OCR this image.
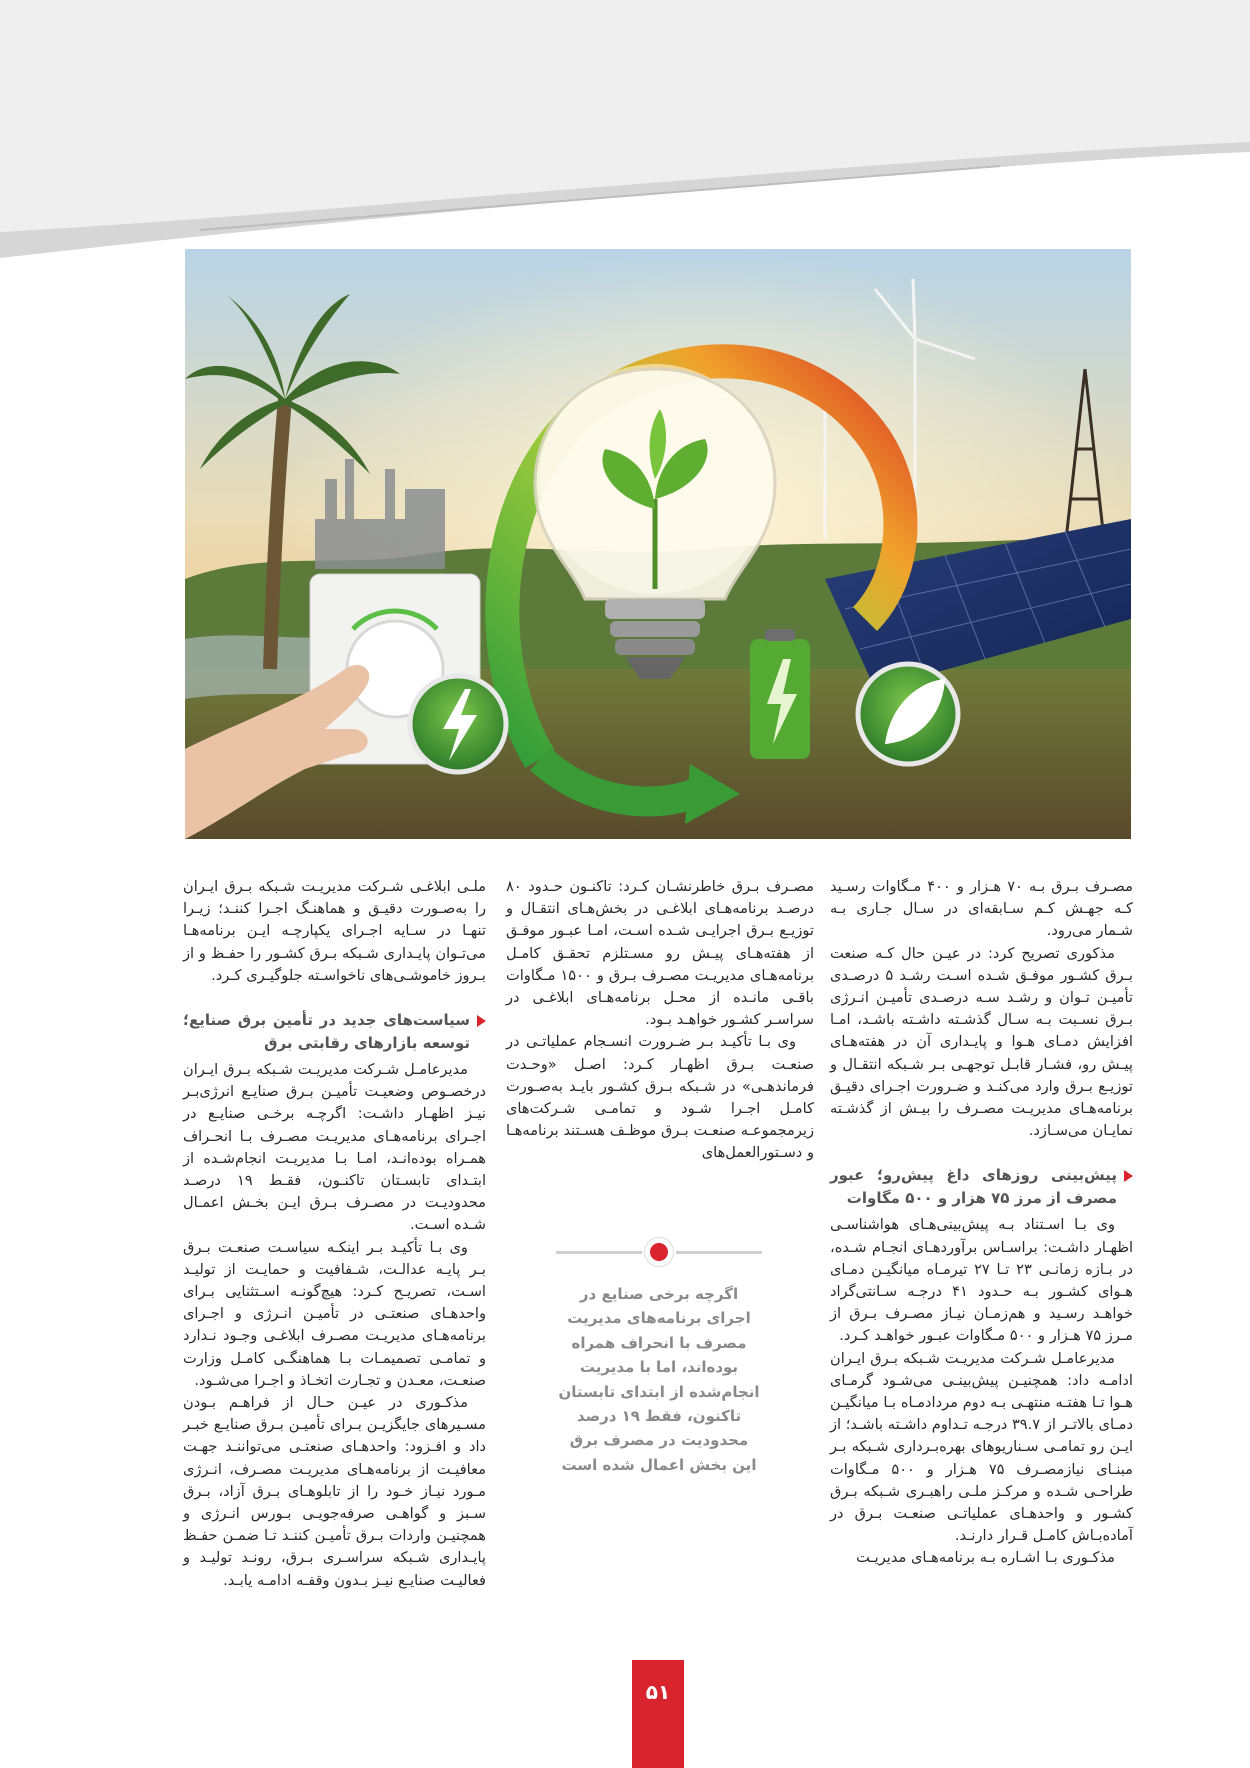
مصـرف بـرق بـه ۷۰ هـزار و ۴۰۰ مـگاوات رسـید کـه جهـش کـم سـابقه‌ای در سـال جـاری بـه شـمار می‌رود.

مذکوری تصریح کرد: در عیـن حال کـه صنعت بـرق کشـور موفـق شـده اسـت رشـد ۵ درصـدی تأمیـن تـوان و رشـد سـه درصـدی تأمیـن انـرژی بـرق نسـبت بـه سـال گذشـته داشـته باشـد، امـا افزایش دمـای هـوا و پایـداری آن در هفته‌هـای پیـش رو، فشـار قابـل توجهـی بـر شـبکه انتقـال و توزیـع بـرق وارد می‌کنـد و ضـرورت اجـرای دقیـق برنامه‌هـای مدیریـت مصـرف را بیـش از گذشـته نمایـان می‌سـازد.

پیش‌بینی روزهای داغ پیش‌رو؛ عبور مصرف از مرز ۷۵ هزار و ۵۰۰ مگاوات

وی بـا اسـتناد بـه پیش‌بینی‌هـای هواشناسـی اظهـار داشـت: براسـاس برآوردهـای انجـام شـده، در بـازه زمانـی ۲۳ تـا ۲۷ تیرمـاه میانگیـن دمـای هـوای کشـور بـه حـدود ۴۱ درجـه سـانتی‌گراد خواهـد رسـید و هم‌زمـان نیـاز مصـرف بـرق از مـرز ۷۵ هـزار و ۵۰۰ مـگاوات عبـور خواهـد کـرد.

مدیرعامـل شـرکت مدیریـت شـبکه بـرق ایـران ادامـه داد: همچنیـن پیش‌بینـی می‌شـود گرمـای هـوا تـا هفتـه منتهـی بـه دوم مردادمـاه بـا میانگیـن دمـای بالاتـر از ۳۹.۷ درجـه تـداوم داشـته باشـد؛ از ایـن رو تمامـی سـناریوهای بهره‌بـرداری شـبکه بـر مبنـای نیازمصـرف ۷۵ هـزار و ۵۰۰ مـگاوات طراحـی شـده و مرکـز ملـی راهبـری شـبکه بـرق کشـور و واحدهـای عملیاتـی صنعـت بـرق در آماده‌بـاش کامـل قـرار دارنـد.

مذکـوری بـا اشـاره بـه برنامه‌هـای مدیریـت

مصـرف بـرق خاطرنشـان کـرد: تاکنـون حـدود ۸۰ درصـد برنامه‌هـای ابلاغـی در بخش‌هـای انتقـال و توزیـع بـرق اجرایـی شـده اسـت، امـا عبـور موفـق از هفته‌هـای پیـش رو مسـتلزم تحقـق کامـل برنامه‌هـای مدیریـت مصـرف بـرق و ۱۵۰۰ مـگاوات باقـی مانـده از محـل برنامه‌هـای ابلاغـی در سراسـر کشـور خواهـد بـود.

وی بـا تأکیـد بـر ضـرورت انسـجام عملیاتـی در صنعـت بـرق اظهـار کـرد: اصـل «وحـدت فرماندهـی» در شـبکه بـرق کشـور بایـد به‌صـورت کامـل اجـرا شـود و تمامـی شـرکت‌های زیرمجموعـه صنعـت بـرق موظـف هسـتند برنامه‌هـا و دسـتورالعمل‌های

اگرچه برخی صنایع در اجرای برنامه‌های مدیریت مصرف با انحراف همراه بوده‌اند، اما با مدیریت انجام‌شده از ابتدای تابستان تاکنون، فقط ۱۹ درصد محدودیت در مصرف برق این بخش اعمال شده است

ملـی ابلاغـی شـرکت مدیریـت شـبکه بـرق ایـران را به‌صـورت دقیـق و هماهنـگ اجـرا کننـد؛ زیـرا تنهـا در سـایه اجـرای یکپارچـه ایـن برنامه‌هـا می‌تـوان پایـداری شـبکه بـرق کشـور را حفـظ و از بـروز خاموشـی‌های ناخواسـته جلوگیـری کـرد.

سیاست‌های جدید در تأمین برق صنایع؛ توسعه بازارهای رقابتی برق

مدیرعامـل شـرکت مدیریـت شـبکه بـرق ایـران درخصـوص وضعیـت تأمیـن بـرق صنایـع انرژی‌بـر نیـز اظهـار داشـت: اگرچـه برخـی صنایـع در اجـرای برنامه‌هـای مدیریـت مصـرف بـا انحـراف همـراه بوده‌انـد، امـا بـا مدیریـت انجام‌شـده از ابتـدای تابسـتان تاکنـون، فقـط ۱۹ درصـد محدودیـت در مصـرف بـرق ایـن بخـش اعمـال شـده اسـت.

وی بـا تأکیـد بـر اینکـه سیاسـت صنعـت بـرق بـر پایـه عدالـت، شـفافیت و حمایـت از تولیـد اسـت، تصریـح کـرد: هیچ‌گونـه اسـتثنایی بـرای واحدهـای صنعتـی در تأمیـن انـرژی و اجـرای برنامه‌هـای مدیریـت مصـرف ابلاغـی وجـود نـدارد و تمامـی تصمیمـات بـا هماهنگـی کامـل وزارت صنعـت، معـدن و تجـارت اتخـاذ و اجـرا می‌شـود.

مذکـوری در عیـن حـال از فراهـم بـودن مسـیرهای جایگزیـن بـرای تأمیـن بـرق صنایـع خبـر داد و افـزود: واحدهـای صنعتـی می‌تواننـد جهـت معافیـت از برنامه‌هـای مدیریـت مصـرف، انـرژی مـورد نیـاز خـود را از تابلوهـای بـرق آزاد، بـرق سـبز و گواهـی صرفه‌جویـی بـورس انـرژی و همچنیـن واردات بـرق تأمیـن کننـد تـا ضمـن حفـظ پایـداری شـبکه سراسـری بـرق، رونـد تولیـد و فعالیـت صنایـع نیـز بـدون وقفـه ادامـه یابـد.

۵۱
